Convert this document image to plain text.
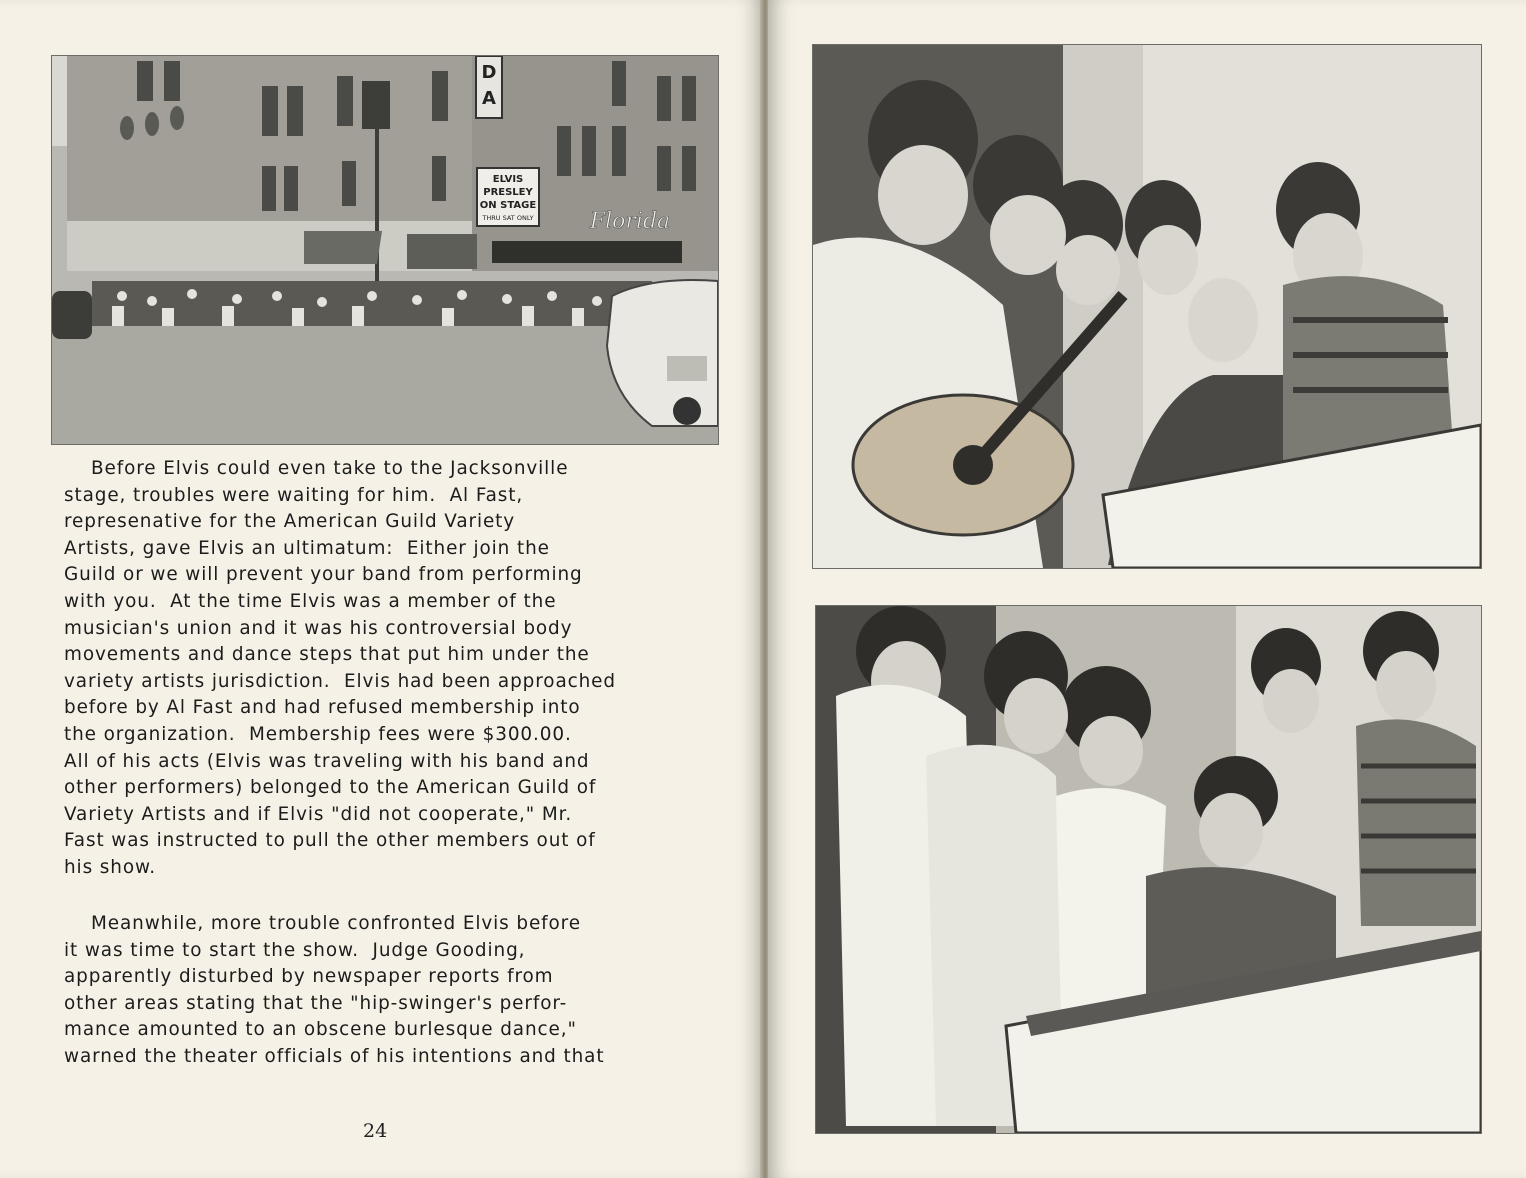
D
A
ELVIS
PRESLEY
ON STAGE
THRU SAT ONLY	Florida

Before Elvis could even take to the Jacksonville
stage, troubles were waiting for him.  Al Fast,
represenative for the American Guild Variety
Artists, gave Elvis an ultimatum:  Either join the
Guild or we will prevent your band from performing
with you.  At the time Elvis was a member of the
musician's union and it was his controversial body
movements and dance steps that put him under the
variety artists jurisdiction.  Elvis had been approached
before by Al Fast and had refused membership into
the organization.  Membership fees were $300.00.
All of his acts (Elvis was traveling with his band and
other performers) belonged to the American Guild of
Variety Artists and if Elvis "did not cooperate," Mr.
Fast was instructed to pull the other members out of
his show.

Meanwhile, more trouble confronted Elvis before
it was time to start the show.  Judge Gooding,
apparently disturbed by newspaper reports from
other areas stating that the "hip-swinger's perfor-
mance amounted to an obscene burlesque dance,"
warned the theater officials of his intentions and that

24
